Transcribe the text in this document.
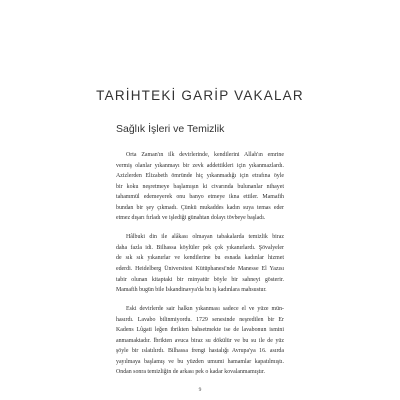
TARİHTEKİ GARİP VAKALAR
Sağlık İşleri ve Temizlik

Orta Zaman'ın ilk devirlerinde, kendilerini Allah'ın emrine
vermiş olanlar yıkanmayı bir zevk addettikleri için yıkanmazlardı.
Azizlerden Elizabeth ömründe hiç yıkanmadığı için etrafına öyle
bir koku neşretmeye başlamışın ki civarında bulunanlar nihayet
tahammül edemeyerek onu banyo etmeye ikna ettiler. Mamafih
bundan bir şey çıkmadı. Çünkü mukaddes kadın suya temas eder
etmez dışarı fırladı ve işlediği günahtan dolayı tövbeye başladı.

Hâlbuki din ile alâkası olmayan tabakalarda temizlik biraz
daha fazla idi. Bilhassa köylüler pek çok yıkanırlardı. Şövalyeler
de sık sık yıkanırlar ve kendilerine bu esnada kadınlar hizmet
ederdi. Heidelberg Üniversitesi Kütüphanesi'nde Manesse El Yazısı
tabir olunan kitaptaki bir minyatür böyle bir sahneyi gösterir.
Mamafih bugün bile İskandinavya'da bu iş kadınlara mahsustur.

Eski devirlerde sair halkın yıkanması sadece el ve yüze mün-
hasırdı. Lavabo bilinmiyordu. 1729 senesinde neşredilen bir Er
Kadens Lûgati leğen ibrikten bahsetmekte ise de lavabonun ismini
anmamaktadır. İbrikten avuca biraz su dökülür ve bu su ile de yüz
şöyle bir ıslatılırdı. Bilhassa frengi hastalığı Avrupa'ya 16. asırda
yayılmaya başlamış ve bu yüzden umumi hamamlar kapatılmıştı.
Ondan sonra temizliğin de arkası pek o kadar kovalanmamıştır.

9
